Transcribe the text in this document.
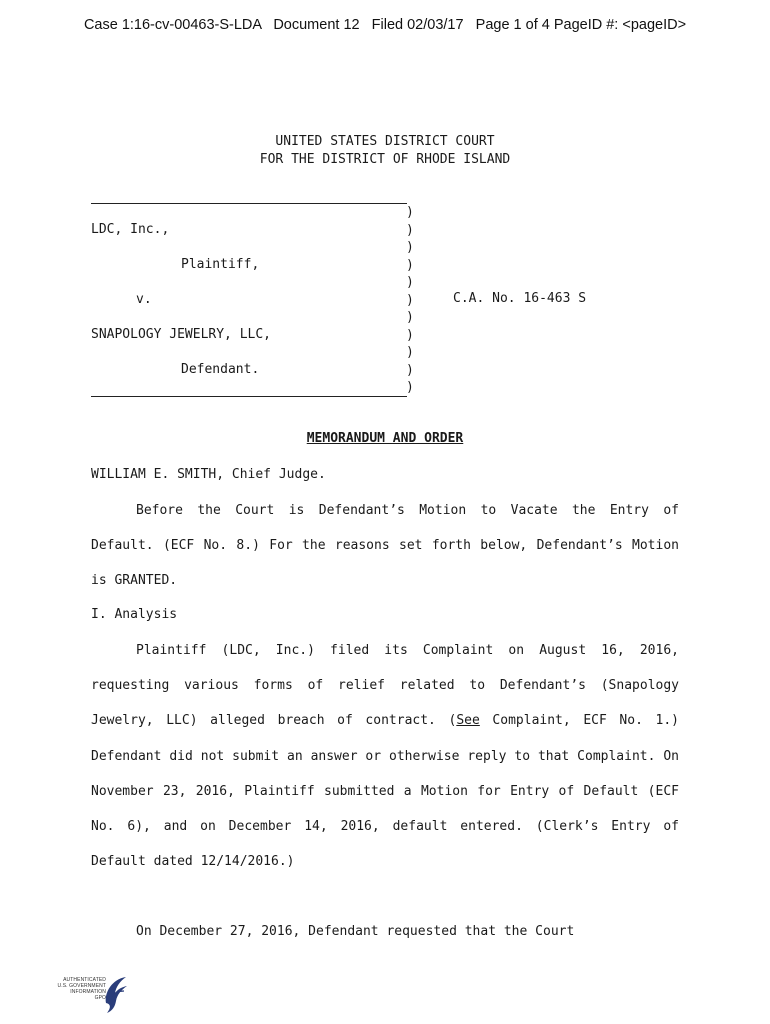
Case 1:16-cv-00463-S-LDA   Document 12   Filed 02/03/17   Page 1 of 4 PageID #: <pageID>
UNITED STATES DISTRICT COURT
FOR THE DISTRICT OF RHODE ISLAND
LDC, Inc.,
Plaintiff,
v.
SNAPOLOGY JEWELRY, LLC,
Defendant.
)
)
)
)
)
)
)
)
)
)
)
C.A. No. 16-463 S
MEMORANDUM AND ORDER
WILLIAM E. SMITH, Chief Judge.
Before the Court is Defendant’s Motion to Vacate the Entry of Default. (ECF No. 8.) For the reasons set forth below, Defendant’s Motion is GRANTED.
I. Analysis
Plaintiff (LDC, Inc.) filed its Complaint on August 16, 2016, requesting various forms of relief related to Defendant’s (Snapology Jewelry, LLC) alleged breach of contract. (See Complaint, ECF No. 1.) Defendant did not submit an answer or otherwise reply to that Complaint. On November 23, 2016, Plaintiff submitted a Motion for Entry of Default (ECF No. 6), and on December 14, 2016, default entered. (Clerk’s Entry of Default dated 12/14/2016.)
On December 27, 2016, Defendant requested that the Court
AUTHENTICATED
U.S. GOVERNMENT
INFORMATION
GPO
